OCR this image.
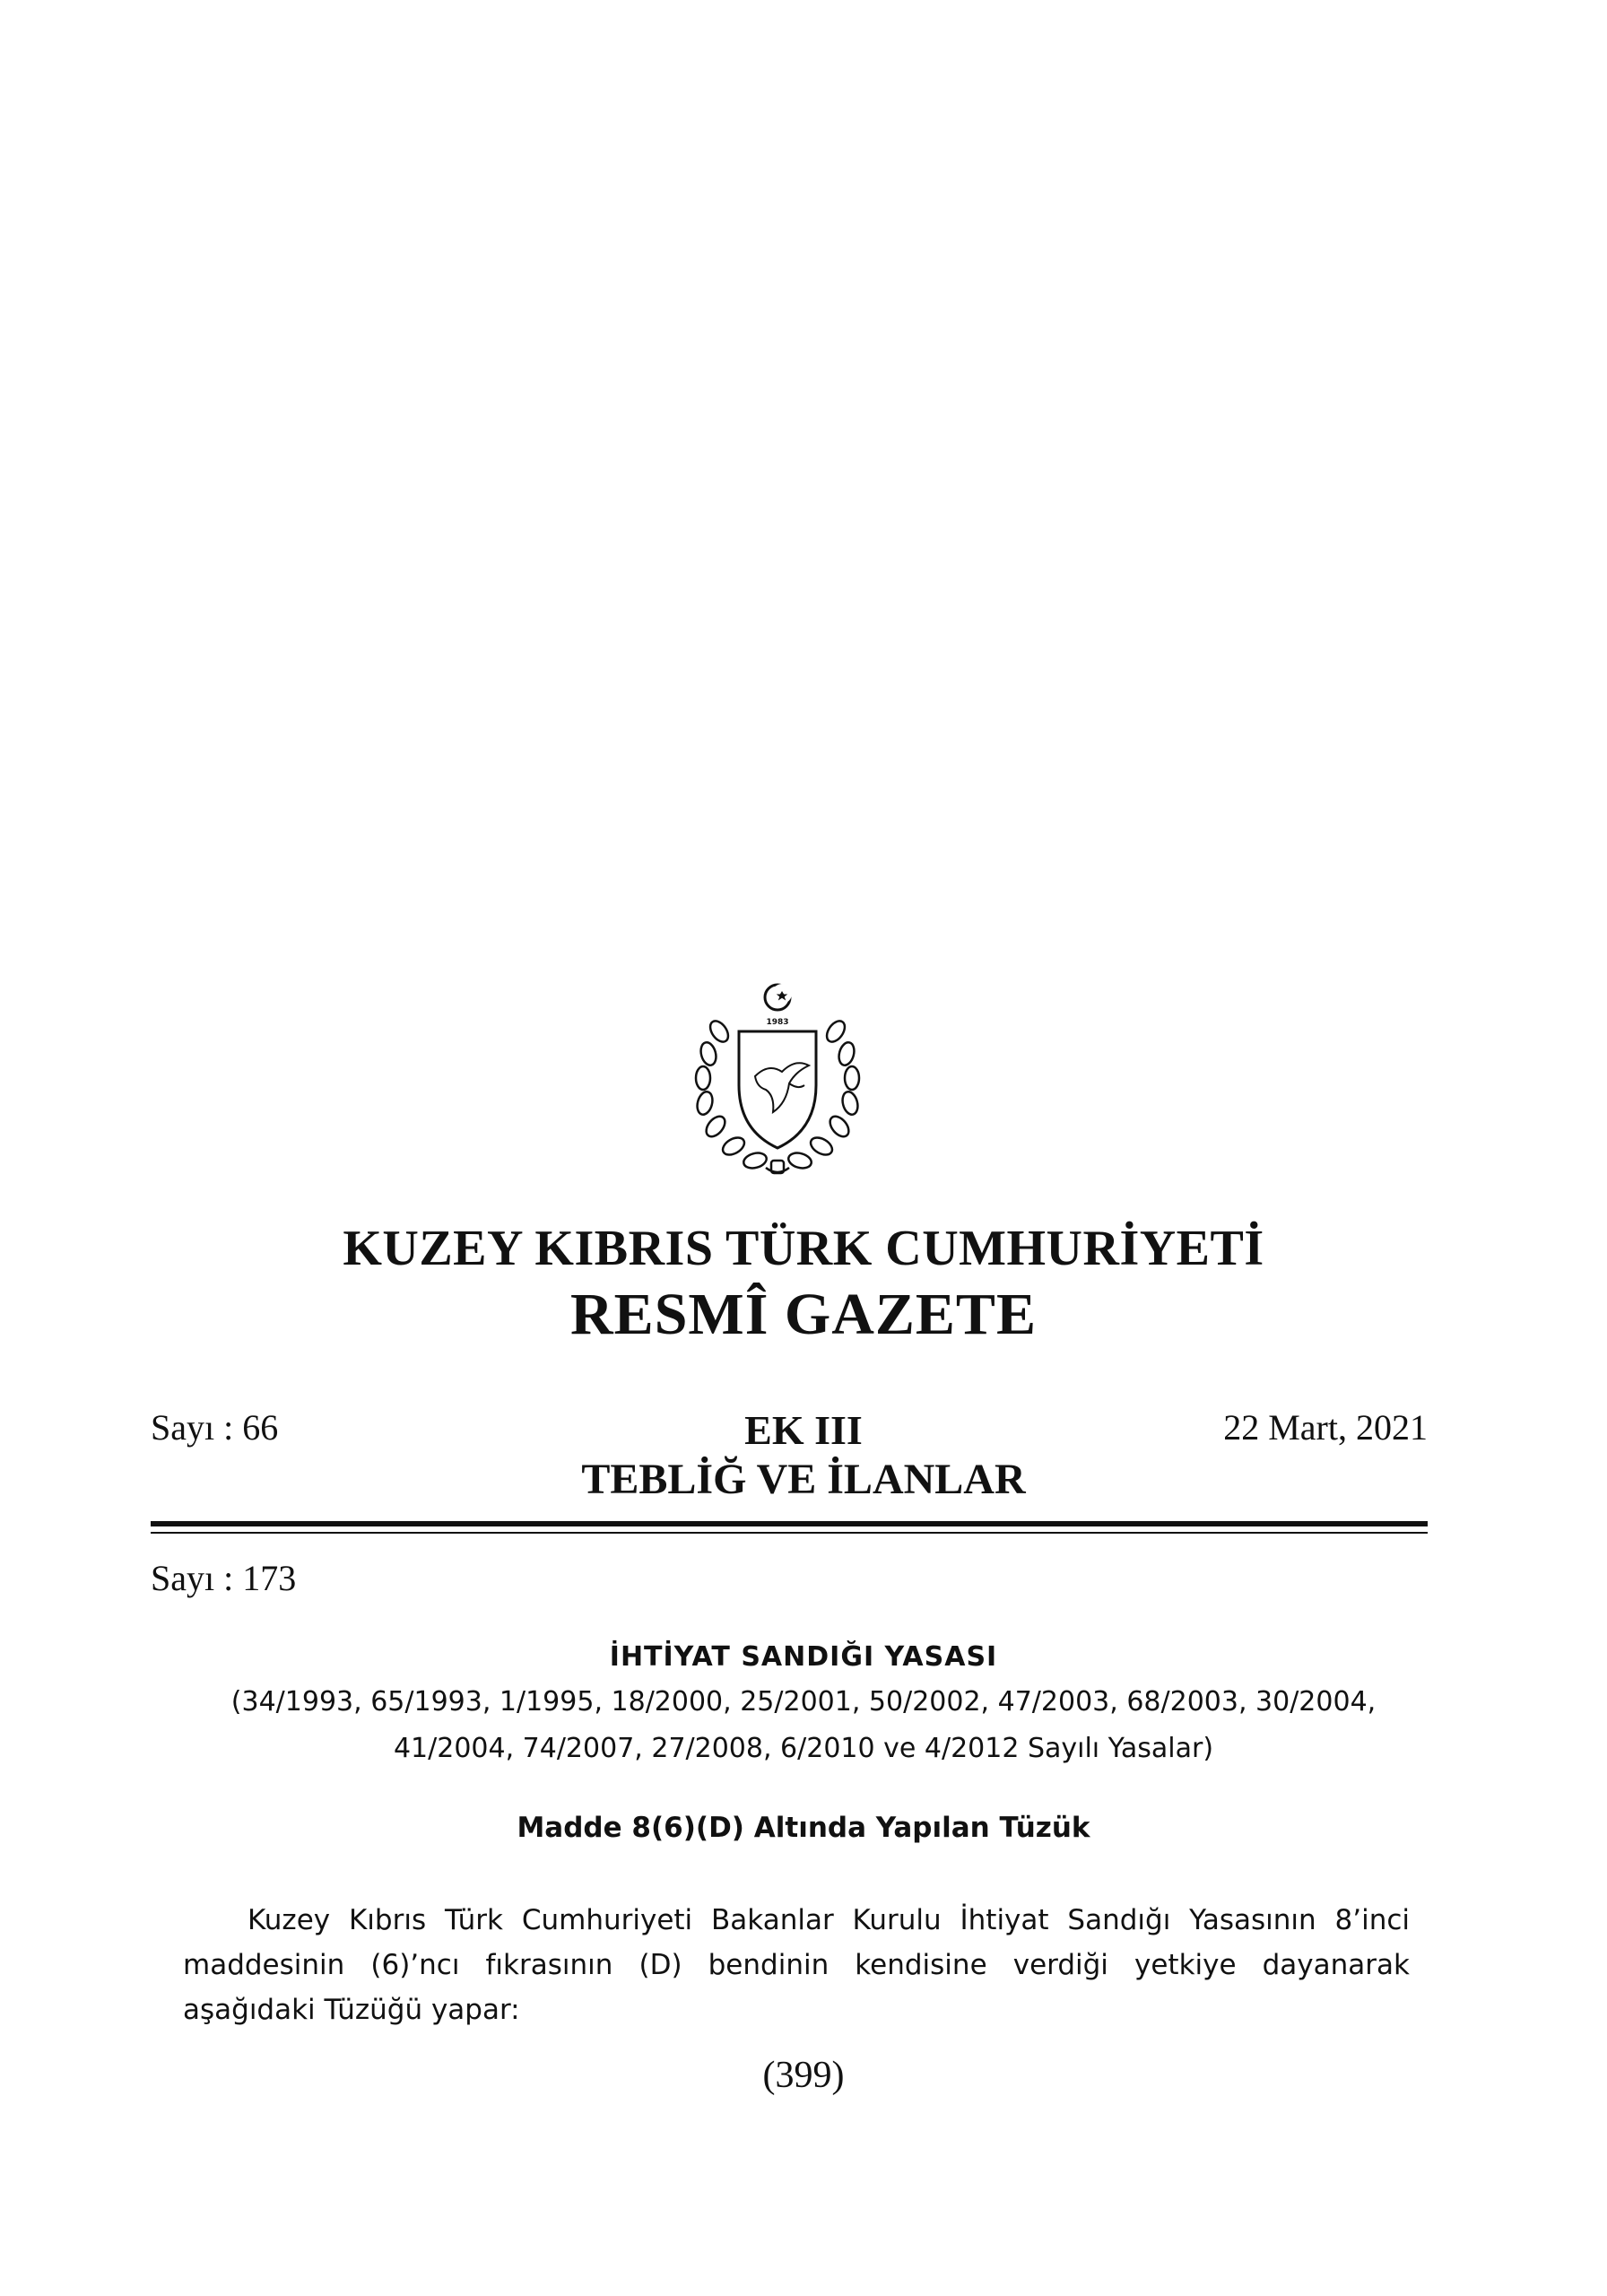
1983
KUZEY KIBRIS TÜRK CUMHURİYETİ
RESMÎ GAZETE
Sayı : 66	EK III	22 Mart, 2021
TEBLİĞ VE İLANLAR
Sayı : 173
İHTİYAT SANDIĞI YASASI
(34/1993, 65/1993, 1/1995, 18/2000, 25/2001, 50/2002, 47/2003, 68/2003, 30/2004,
41/2004, 74/2007, 27/2008, 6/2010 ve 4/2012 Sayılı Yasalar)
Madde 8(6)(D) Altında Yapılan Tüzük
Kuzey Kıbrıs Türk Cumhuriyeti Bakanlar Kurulu İhtiyat Sandığı Yasasının 8’inci maddesinin (6)’ncı fıkrasının (D) bendinin kendisine verdiği yetkiye dayanarak aşağıdaki Tüzüğü yapar:
(399)
